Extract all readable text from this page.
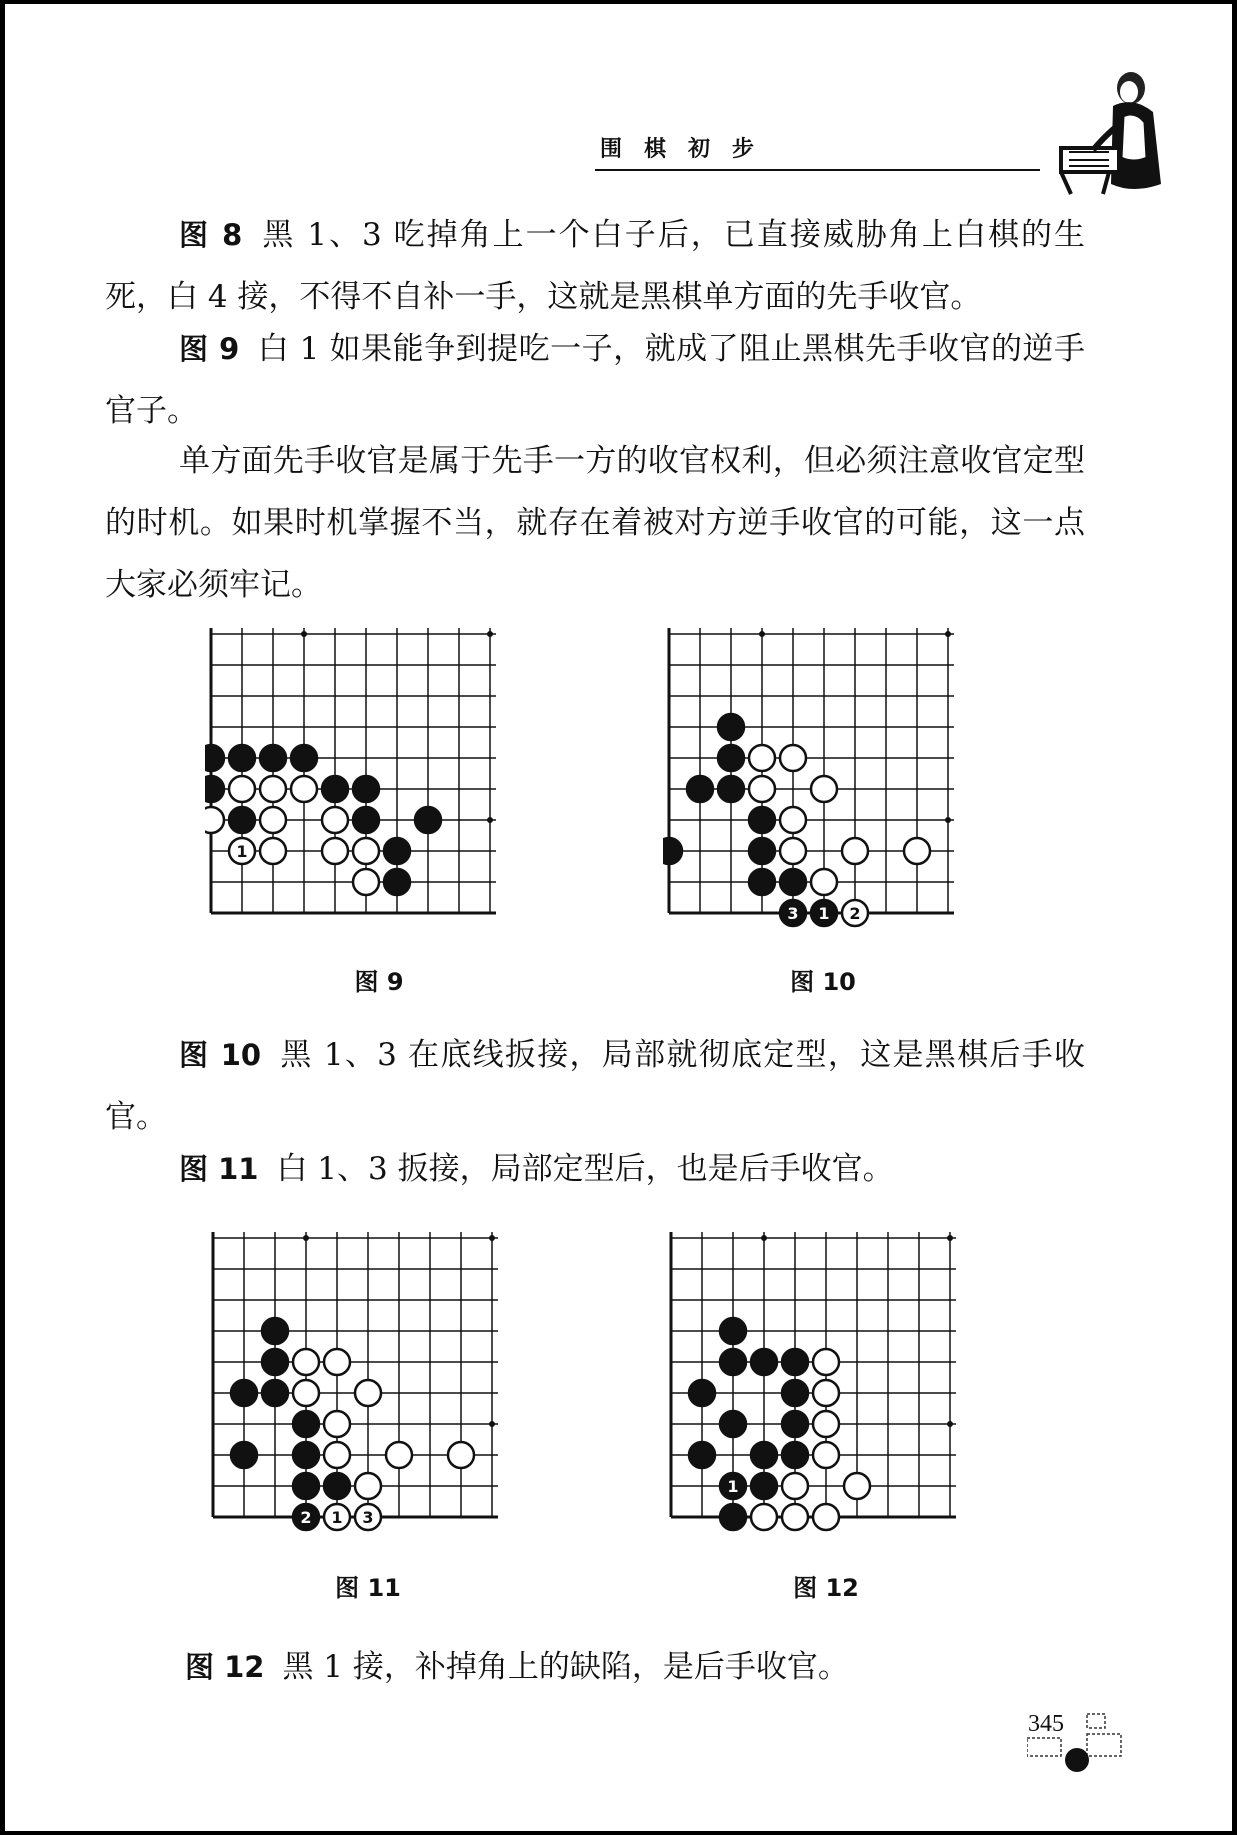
围棋初步

图 8 黑 1、3 吃掉角上一个白子后，已直接威胁角上白棋的生死，白 4 接，不得不自补一手，这就是黑棋单方面的先手收官。

图 9 白 1 如果能争到提吃一子，就成了阻止黑棋先手收官的逆手官子。

单方面先手收官是属于先手一方的收官权利，但必须注意收官定型的时机。如果时机掌握不当，就存在着被对方逆手收官的可能，这一点大家必须牢记。

1
图 9
3 1 2
图 10

图 10 黑 1、3 在底线扳接，局部就彻底定型，这是黑棋后手收官。

图 11 白 1、3 扳接，局部定型后，也是后手收官。

2 1 3
图 11
1
图 12

图 12 黑 1 接，补掉角上的缺陷，是后手收官。

345
